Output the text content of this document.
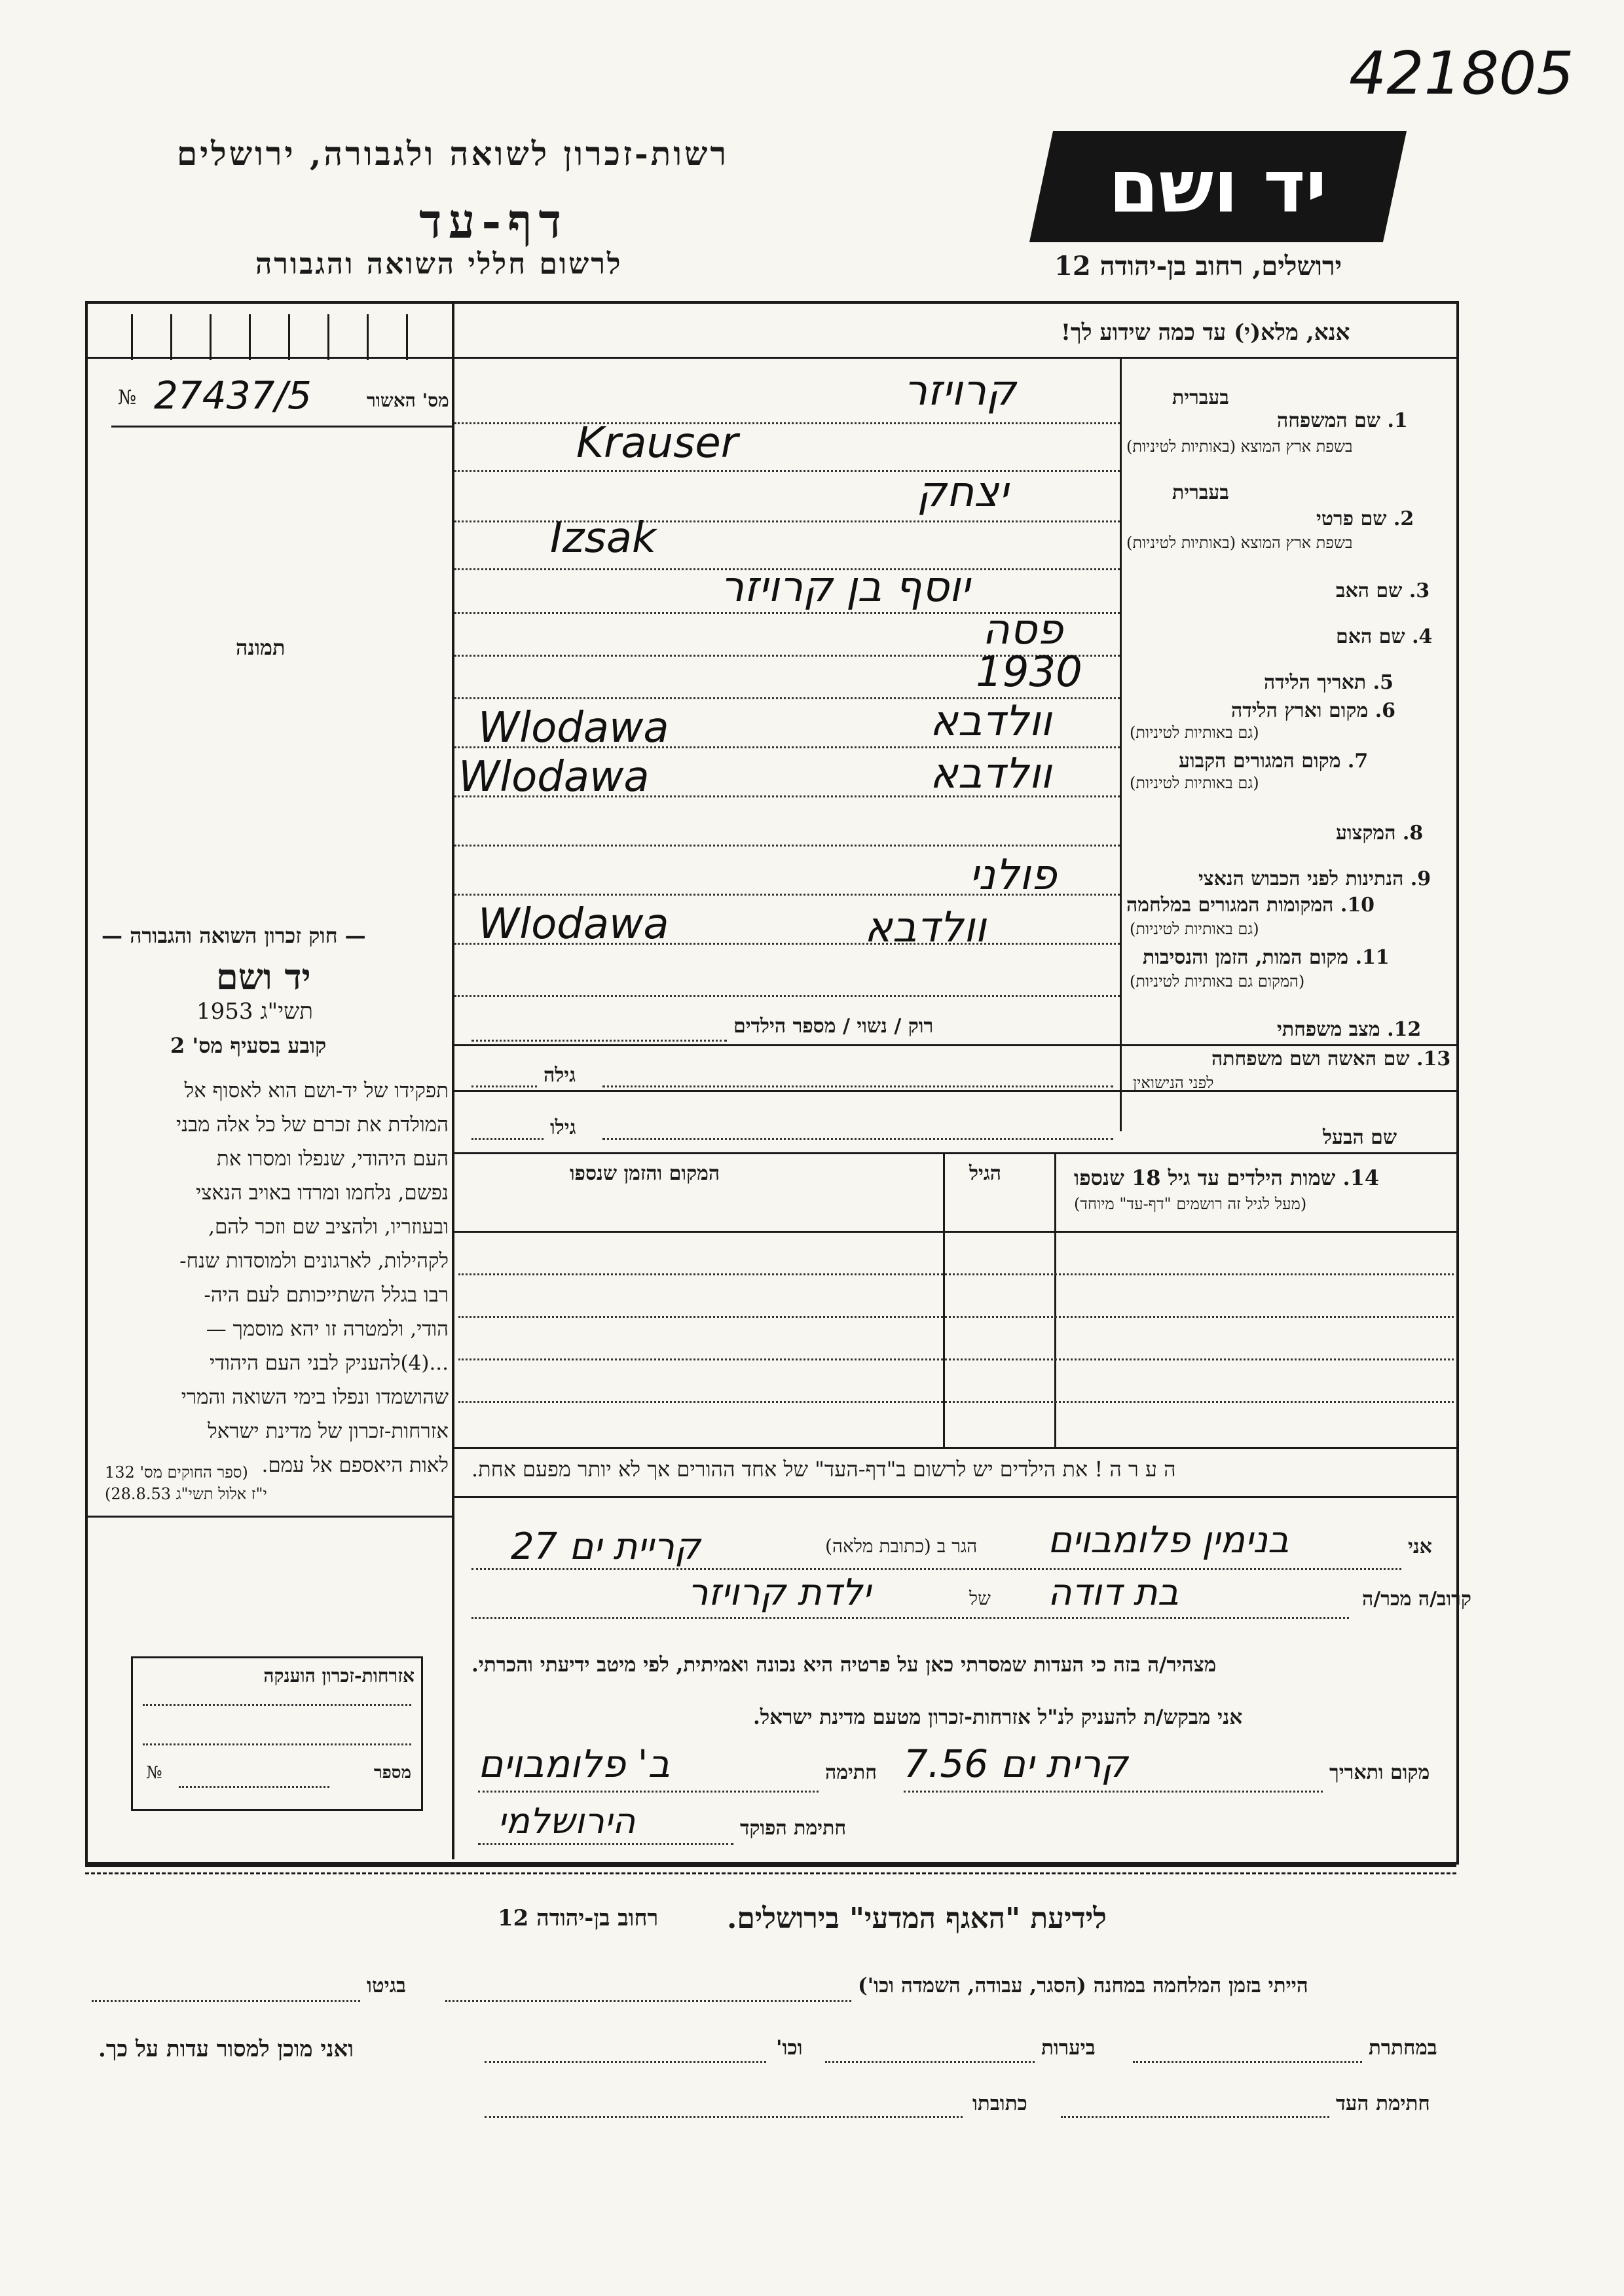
421805
יד ושם
רשות-זכרון לשואה ולגבורה, ירושלים
דף-עד
לרשום חללי השואה והגבורה	ירושלים, רחוב בן-יהודה 12
אנא, מלא(י) עד כמה שידוע לך!
מס' האשור
№ 27437/5
תמונה
בעברית
1. שם המשפחה
בשפת ארץ המוצא (באותיות לטיניות)
קרויזר
Krauser
בעברית
2. שם פרטי
בשפת ארץ המוצא (באותיות לטיניות)
יצחק
Izsak
3. שם האב
יוסף בן קרויזר
4. שם האם
פסה
5. תאריך הלידה
1930
6. מקום וארץ הלידה
(גם באותיות לטיניות)
Wlodawa	וולדבא
7. מקום המגורים הקבוע
(גם באותיות לטיניות)
Wlodawa	וולדבא
8. המקצוע
9. הנתינות לפני הכבוש הנאצי
פולני
10. המקומות המגורים במלחמה
(גם באותיות לטיניות)
Wlodawa	וולדבא
11. מקום המות, הזמן והנסיבות
(המקום גם באותיות לטיניות)
12. מצב משפחתי
רוק / נשוי / מספר הילדים
13. שם האשה ושם משפחתה
לפני הנישואין
גילה
שם הבעל
גילו
14. שמות הילדים עד גיל 18 שנספו
(מעל לגיל זה רושמים "דף-עד" מיוחד)
הגיל
המקום והזמן שנספו
ה ע ר ה ! את הילדים יש לרשום ב"דף-העד" של אחד ההורים אך לא יותר מפעם אחת.
— חוק זכרון השואה והגבורה —
יד ושם
תשי"ג 1953
קובע בסעיף מס' 2
תפקידו של יד-ושם הוא לאסוף אל
המולדת את זכרם של כל אלה מבני
העם היהודי, שנפלו ומסרו את
נפשם, נלחמו ומרדו באויב הנאצי
ובעוזריו, ולהציב שם וזכר להם,
לקהילות, לארגונים ולמוסדות שנח-
רבו בגלל השתייכותם לעם היה-
הודי, ולמטרה זו יהא מוסמך —
...(4)להעניק לבני העם היהודי
שהושמדו ונפלו בימי השואה והמרי
אזרחות-זכרון של מדינת ישראל
לאות היאספם אל עמם.
(ספר החוקים מס' 132
י"ז אלול תשי"ג 28.8.53)
אזרחות-זכרון הוענקה
מספר
№
אני
בנימין פלומבוים
הגר ב (כתובת מלאה)
קריית ים 27
קרוב/ה מכר/ה
בת דודה
של
ילדת קרויזר
מצהיר/ה בזה כי העדות שמסרתי כאן על פרטיה היא נכונה ואמיתית, לפי מיטב ידיעתי והכרתי.
אני מבקש/ת להעניק לנ"ל אזרחות-זכרון מטעם מדינת ישראל.
מקום ותאריך
קרית ים 7.56
חתימה
ב' פלומבוים
חתימת הפוקד
הירושלמי
לידיעת "האגף המדעי" בירושלים.
רחוב בן-יהודה 12
הייתי בזמן המלחמה במחנה (הסגר, עבודה, השמדה וכו')
בגיטו
במחתרת
ביערות
וכו'
ואני מוכן למסור עדות על כך.
חתימת העד
כתובתו
